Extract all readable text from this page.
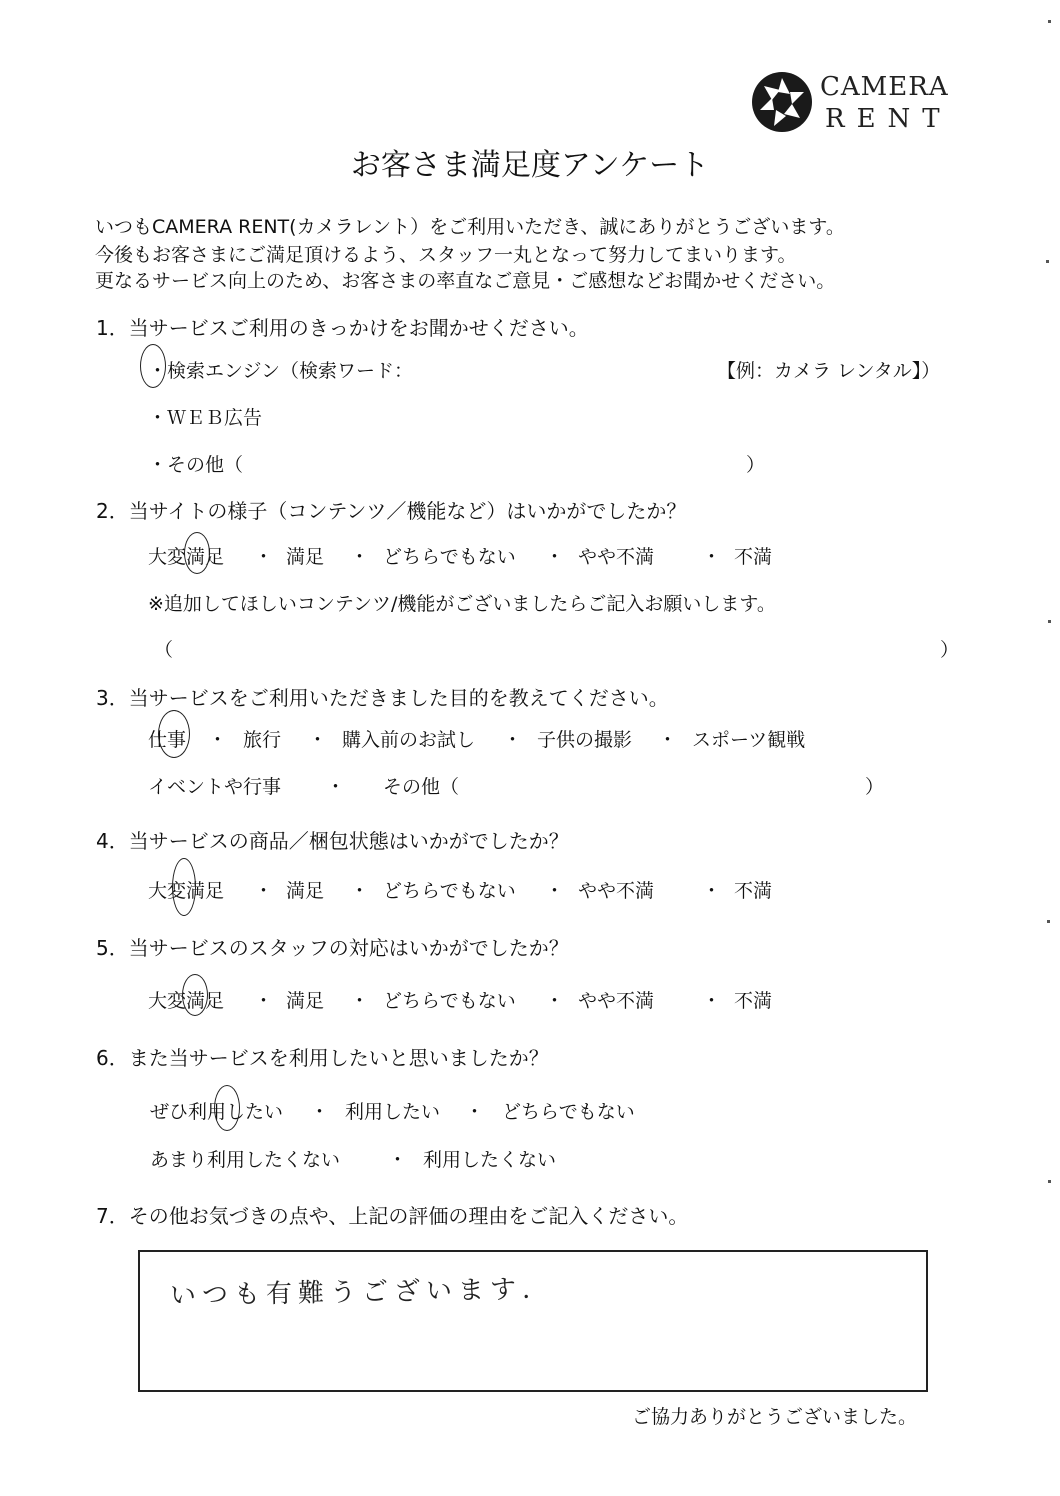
CAMERA
RENT
お客さま満足度アンケート
いつもCAMERA RENT(カメラレント）をご利用いただき、誠にありがとうございます。
今後もお客さまにご満足頂けるよう、スタッフ一丸となって努力してまいります。
更なるサービス向上のため、お客さまの率直なご意見・ご感想などお聞かせください。
1．当サービスご利用のきっかけをお聞かせください。
・検索エンジン（検索ワード：	【例：カメラ レンタル】）
・ＷＥＢ広告
・その他（	）
2．当サイトの様子（コンテンツ／機能など）はいかがでしたか？
大変満足 ・ 満足 ・ どちらでもない ・ やや不満	・ 不満
※追加してほしいコンテンツ/機能がございましたらご記入お願いします。
（	）
3．当サービスをご利用いただきました目的を教えてください。
仕事 ・ 旅行 ・ 購入前のお試し ・ 子供の撮影 ・ スポーツ観戦
イベントや行事 ・ その他（	）
4．当サービスの商品／梱包状態はいかがでしたか？
大変満足 ・ 満足 ・ どちらでもない ・ やや不満	・ 不満
5．当サービスのスタッフの対応はいかがでしたか？
大変満足 ・ 満足 ・ どちらでもない ・ やや不満	・ 不満
6．また当サービスを利用したいと思いましたか？
ぜひ利用したい ・ 利用したい ・ どちらでもない
あまり利用したくない	・ 利用したくない
7．その他お気づきの点や、上記の評価の理由をご記入ください。
いつも有難うございます.
ご協力ありがとうございました。
